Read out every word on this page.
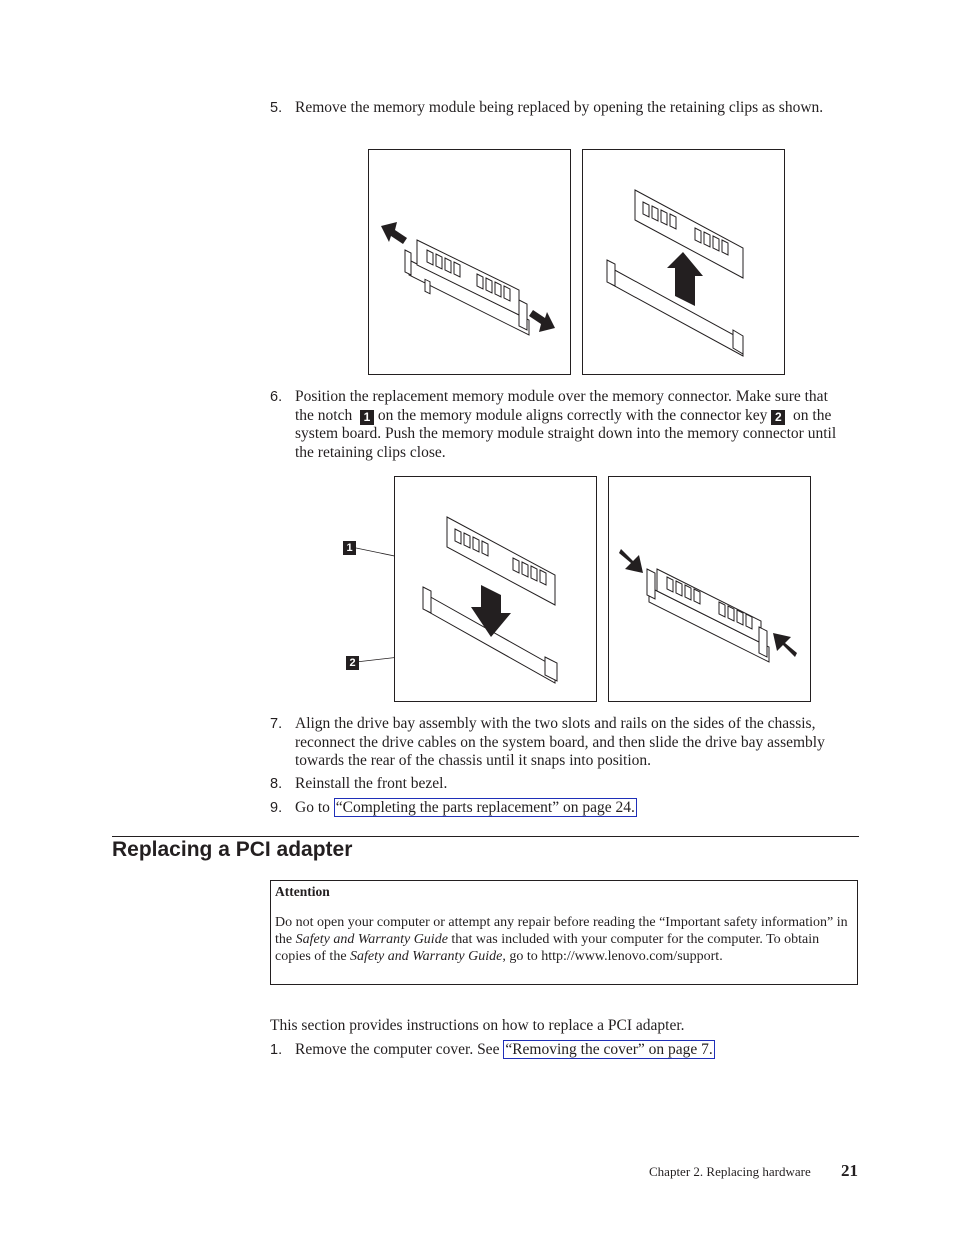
5. Remove the memory module being replaced by opening the retaining clips as shown.
6. Position the replacement memory module over the memory connector. Make sure that the notch 1 on the memory module aligns correctly with the connector key 2 on the system board. Push the memory module straight down into the memory connector until the retaining clips close.
1
2
7. Align the drive bay assembly with the two slots and rails on the sides of the chassis, reconnect the drive cables on the system board, and then slide the drive bay assembly towards the rear of the chassis until it snaps into position.
8. Reinstall the front bezel.
9. Go to “Completing the parts replacement” on page 24.
Replacing a PCI adapter
Attention
Do not open your computer or attempt any repair before reading the “Important safety information” in the Safety and Warranty Guide that was included with your computer for the computer. To obtain copies of the Safety and Warranty Guide, go to http://www.lenovo.com/support.
This section provides instructions on how to replace a PCI adapter.
1. Remove the computer cover. See “Removing the cover” on page 7.
Chapter 2. Replacing hardware 21
